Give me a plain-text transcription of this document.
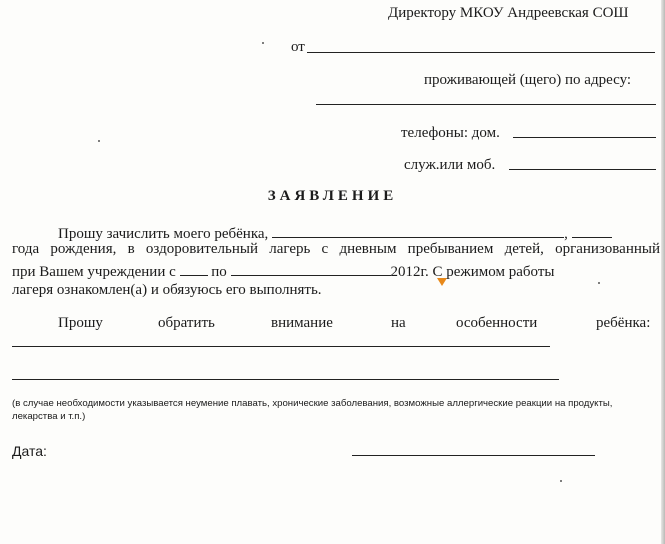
Директору МКОУ Андреевская СОШ
от
проживающей (щего) по адресу:
телефоны: дом.
служ.или моб.
ЗАЯВЛЕНИЕ
Прошу зачислить моего ребёнка,	,
года рождения, в оздоровительный лагерь с дневным пребыванием детей, организованный
при Вашем учреждении с по	2012г. С режимом работы
лагеря ознакомлен(а) и обязуюсь его выполнять.
Прошу	обратить	внимание	на	особенности	ребёнка:
(в случае необходимости указывается неумение плавать, хронические заболевания, возможные аллергические реакции на продукты,
лекарства и т.п.)
Дата:
